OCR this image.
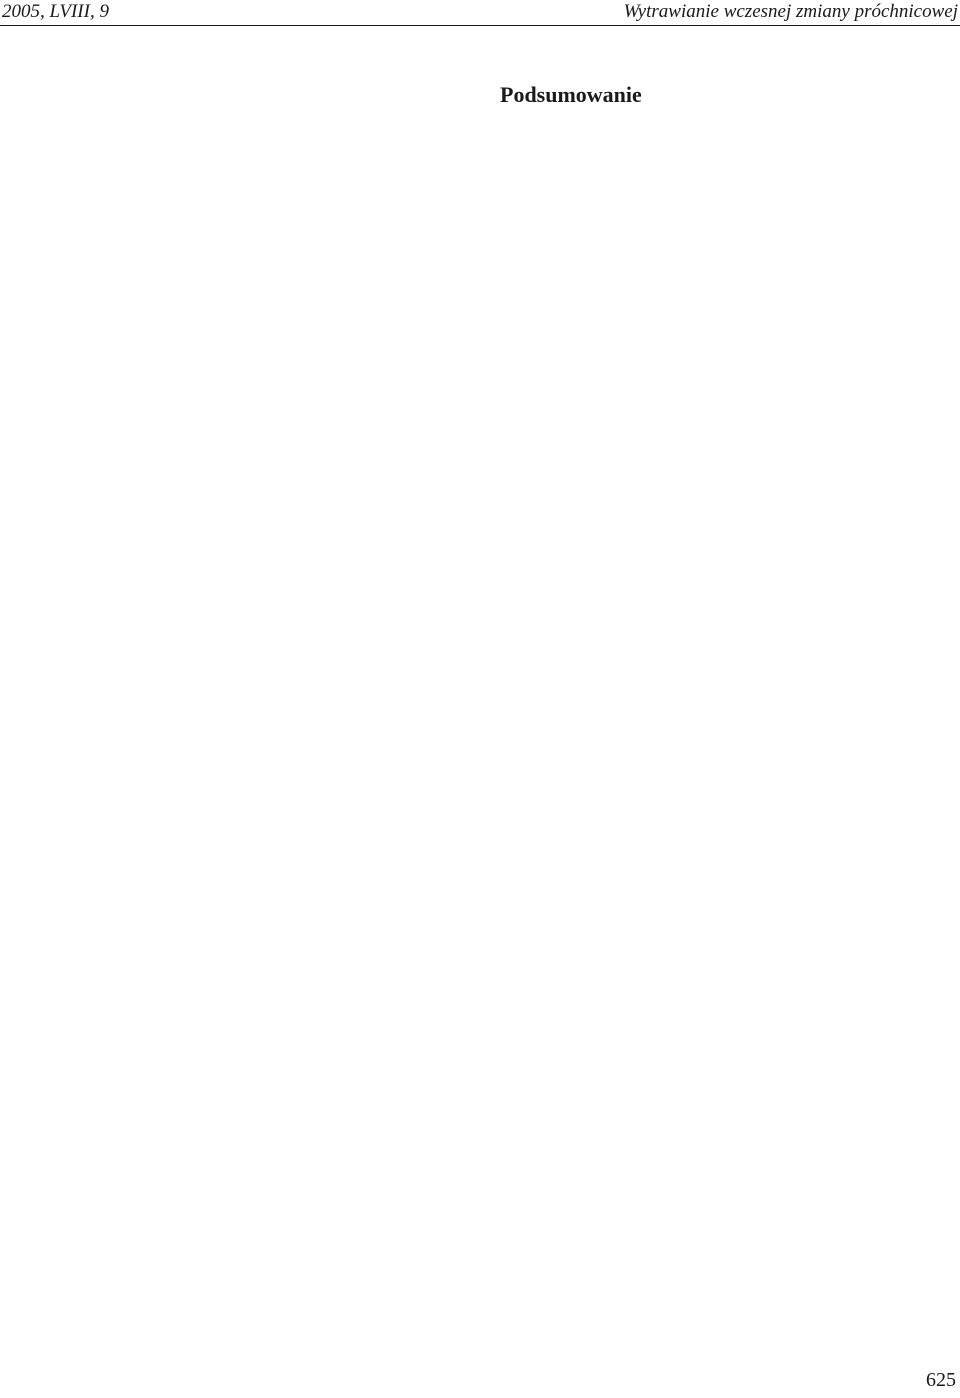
2005, LVIII, 9	Wytrawianie wczesnej zmiany próchnicowej

Podsumowanie

625
